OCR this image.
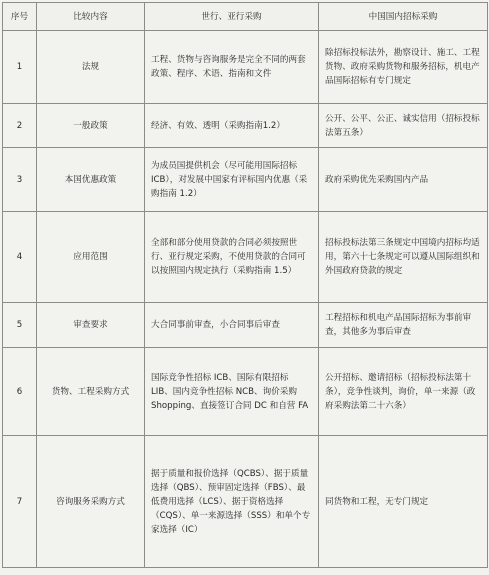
序号	比较内容	世行、亚行采购	中国国内招标采购
1	法规	工程、货物与咨询服务是完全不同的两套政策、程序、术语、指南和文件	除招标投标法外，勘察设计、施工、工程货物、政府采购货物和服务招标，机电产品国际招标有专门规定
2	一般政策	经济、有效、透明（采购指南1.2）	公开、公平、公正、诚实信用（招标投标法第五条）
3	本国优惠政策	为成员国提供机会（尽可能用国际招标 ICB），对发展中国家有评标国内优惠（采购指南 1.2）	政府采购优先采购国内产品
4	应用范围	全部和部分使用贷款的合同必须按照世行、亚行规定采购，不使用贷款的合同可以按照国内规定执行（采购指南 1.5）	招标投标法第三条规定中国境内招标均适用，第六十七条规定可以遵从国际组织和外国政府贷款的规定
5	审查要求	大合同事前审查，小合同事后审查	工程招标和机电产品国际招标为事前审查，其他多为事后审查
6	货物、工程采购方式	国际竞争性招标 ICB、国际有限招标 LIB、国内竞争性招标 NCB、询价采购 Shopping、直接签订合同 DC 和自营 FA	公开招标、邀请招标（招标投标法第十条），竞争性谈判，询价，单一来源（政府采购法第二十六条）
7	咨询服务采购方式	据于质量和报价选择（QCBS）、据于质量选择（QBS）、预审固定选择（FBS）、最低费用选择（LCS）、据于资格选择（CQS）、单一来源选择（SSS）和单个专家选择（IC）	同货物和工程，无专门规定
